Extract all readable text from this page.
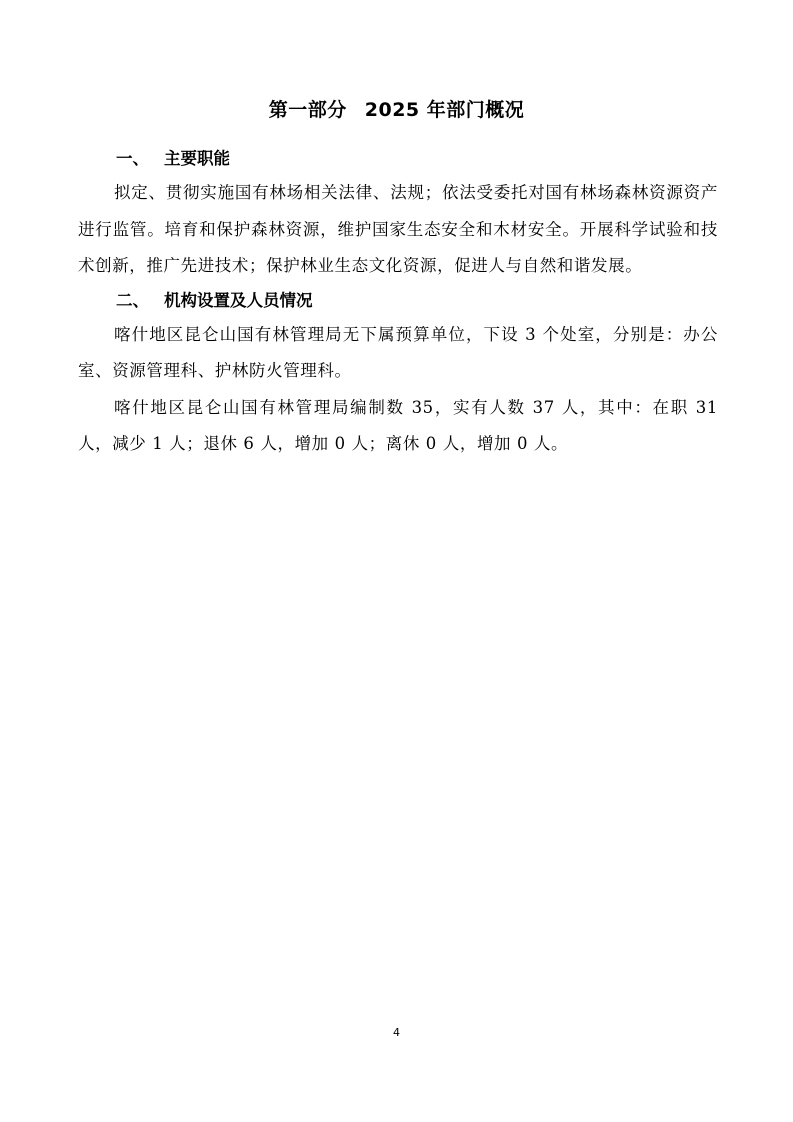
第一部分 2025 年部门概况
一、 主要职能

拟定、贯彻实施国有林场相关法律、法规；依法受委托对国有林场森林资源资产进行监管。培育和保护森林资源，维护国家生态安全和木材安全。开展科学试验和技术创新，推广先进技术；保护林业生态文化资源，促进人与自然和谐发展。

二、 机构设置及人员情况

喀什地区昆仑山国有林管理局无下属预算单位，下设 3 个处室，分别是：办公室、资源管理科、护林防火管理科。

喀什地区昆仑山国有林管理局编制数 35，实有人数 37 人，其中：在职 31 人，减少 1 人；退休 6 人，增加 0 人；离休 0 人，增加 0 人。

4
